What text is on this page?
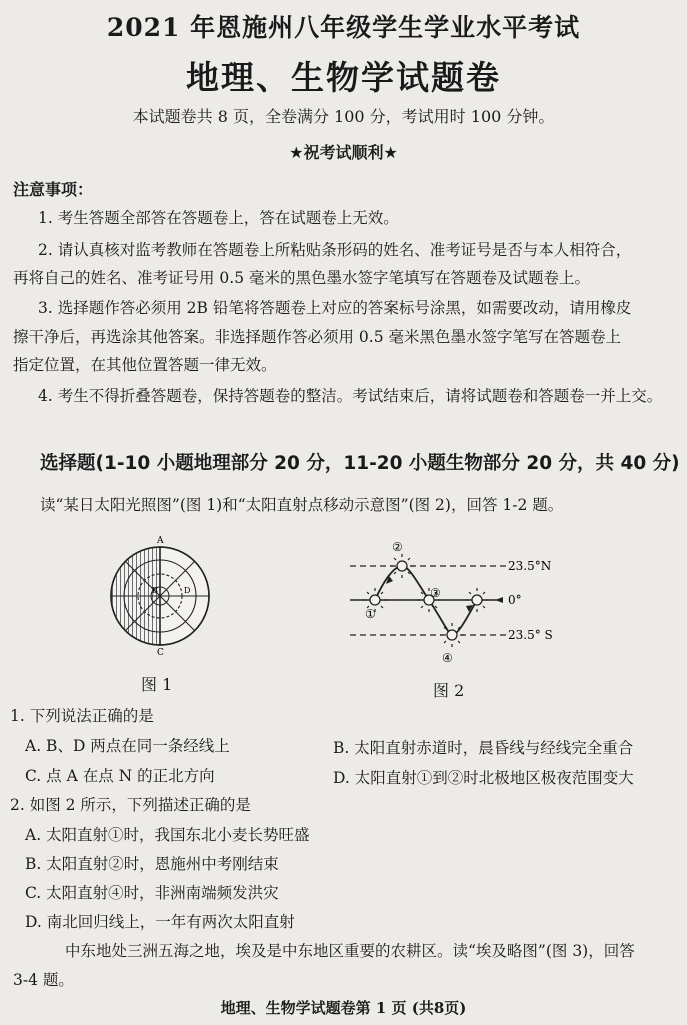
2021 年恩施州八年级学生学业水平考试
地理、生物学试题卷
本试题卷共 8 页，全卷满分 100 分，考试用时 100 分钟。
★祝考试顺利★
注意事项：
1. 考生答题全部答在答题卷上，答在试题卷上无效。
2. 请认真核对监考教师在答题卷上所粘贴条形码的姓名、准考证号是否与本人相符合，
再将自己的姓名、准考证号用 0.5 毫米的黑色墨水签字笔填写在答题卷及试题卷上。
3. 选择题作答必须用 2B 铅笔将答题卷上对应的答案标号涂黑，如需要改动，请用橡皮
擦干净后，再选涂其他答案。非选择题作答必须用 0.5 毫米黑色墨水签字笔写在答题卷上
指定位置，在其他位置答题一律无效。
4. 考生不得折叠答题卷，保持答题卷的整洁。考试结束后，请将试题卷和答题卷一并上交。
选择题(1-10 小题地理部分 20 分，11-20 小题生物部分 20 分，共 40 分)
读“某日太阳光照图”(图 1)和“太阳直射点移动示意图”(图 2)，回答 1-2 题。
A
B	D
C
图 1
①
②
③
④
23.5°N
0°
23.5° S
图 2
1. 下列说法正确的是
A. B、D 两点在同一条经线上	B. 太阳直射赤道时，晨昏线与经线完全重合
C. 点 A 在点 N 的正北方向	D. 太阳直射①到②时北极地区极夜范围变大
2. 如图 2 所示，下列描述正确的是
A. 太阳直射①时，我国东北小麦长势旺盛
B. 太阳直射②时，恩施州中考刚结束
C. 太阳直射④时，非洲南端频发洪灾
D. 南北回归线上，一年有两次太阳直射
中东地处三洲五海之地，埃及是中东地区重要的农耕区。读“埃及略图”(图 3)，回答
3-4 题。
地理、生物学试题卷第 1 页 (共8页)
